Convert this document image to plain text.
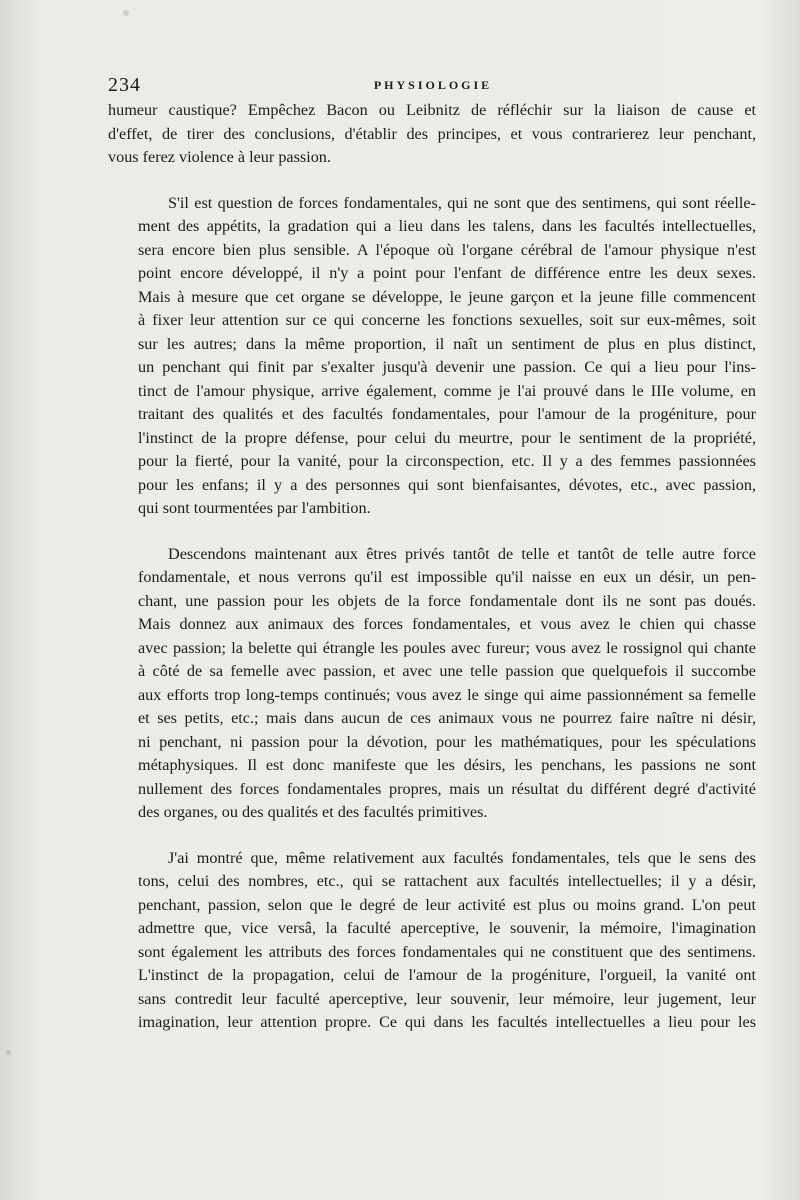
234	PHYSIOLOGIE

humeur caustique? Empêchez Bacon ou Leibnitz de réfléchir sur la liaison de cause et
d'effet, de tirer des conclusions, d'établir des principes, et vous contrarierez leur penchant,
vous ferez violence à leur passion.

S'il est question de forces fondamentales, qui ne sont que des sentimens, qui sont réelle-
ment des appétits, la gradation qui a lieu dans les talens, dans les facultés intellectuelles,
sera encore bien plus sensible. A l'époque où l'organe cérébral de l'amour physique n'est
point encore développé, il n'y a point pour l'enfant de différence entre les deux sexes.
Mais à mesure que cet organe se développe, le jeune garçon et la jeune fille commencent
à fixer leur attention sur ce qui concerne les fonctions sexuelles, soit sur eux-mêmes, soit
sur les autres; dans la même proportion, il naît un sentiment de plus en plus distinct,
un penchant qui finit par s'exalter jusqu'à devenir une passion. Ce qui a lieu pour l'ins-
tinct de l'amour physique, arrive également, comme je l'ai prouvé dans le IIIe volume, en
traitant des qualités et des facultés fondamentales, pour l'amour de la progéniture, pour
l'instinct de la propre défense, pour celui du meurtre, pour le sentiment de la propriété,
pour la fierté, pour la vanité, pour la circonspection, etc. Il y a des femmes passionnées
pour les enfans; il y a des personnes qui sont bienfaisantes, dévotes, etc., avec passion,
qui sont tourmentées par l'ambition.

Descendons maintenant aux êtres privés tantôt de telle et tantôt de telle autre force
fondamentale, et nous verrons qu'il est impossible qu'il naisse en eux un désir, un pen-
chant, une passion pour les objets de la force fondamentale dont ils ne sont pas doués.
Mais donnez aux animaux des forces fondamentales, et vous avez le chien qui chasse
avec passion; la belette qui étrangle les poules avec fureur; vous avez le rossignol qui chante
à côté de sa femelle avec passion, et avec une telle passion que quelquefois il succombe
aux efforts trop long-temps continués; vous avez le singe qui aime passionnément sa femelle
et ses petits, etc.; mais dans aucun de ces animaux vous ne pourrez faire naître ni désir,
ni penchant, ni passion pour la dévotion, pour les mathématiques, pour les spéculations
métaphysiques. Il est donc manifeste que les désirs, les penchans, les passions ne sont
nullement des forces fondamentales propres, mais un résultat du différent degré d'activité
des organes, ou des qualités et des facultés primitives.

J'ai montré que, même relativement aux facultés fondamentales, tels que le sens des
tons, celui des nombres, etc., qui se rattachent aux facultés intellectuelles; il y a désir,
penchant, passion, selon que le degré de leur activité est plus ou moins grand. L'on peut
admettre que, vice versâ, la faculté aperceptive, le souvenir, la mémoire, l'imagination
sont également les attributs des forces fondamentales qui ne constituent que des sentimens.
L'instinct de la propagation, celui de l'amour de la progéniture, l'orgueil, la vanité ont
sans contredit leur faculté aperceptive, leur souvenir, leur mémoire, leur jugement, leur
imagination, leur attention propre. Ce qui dans les facultés intellectuelles a lieu pour les
